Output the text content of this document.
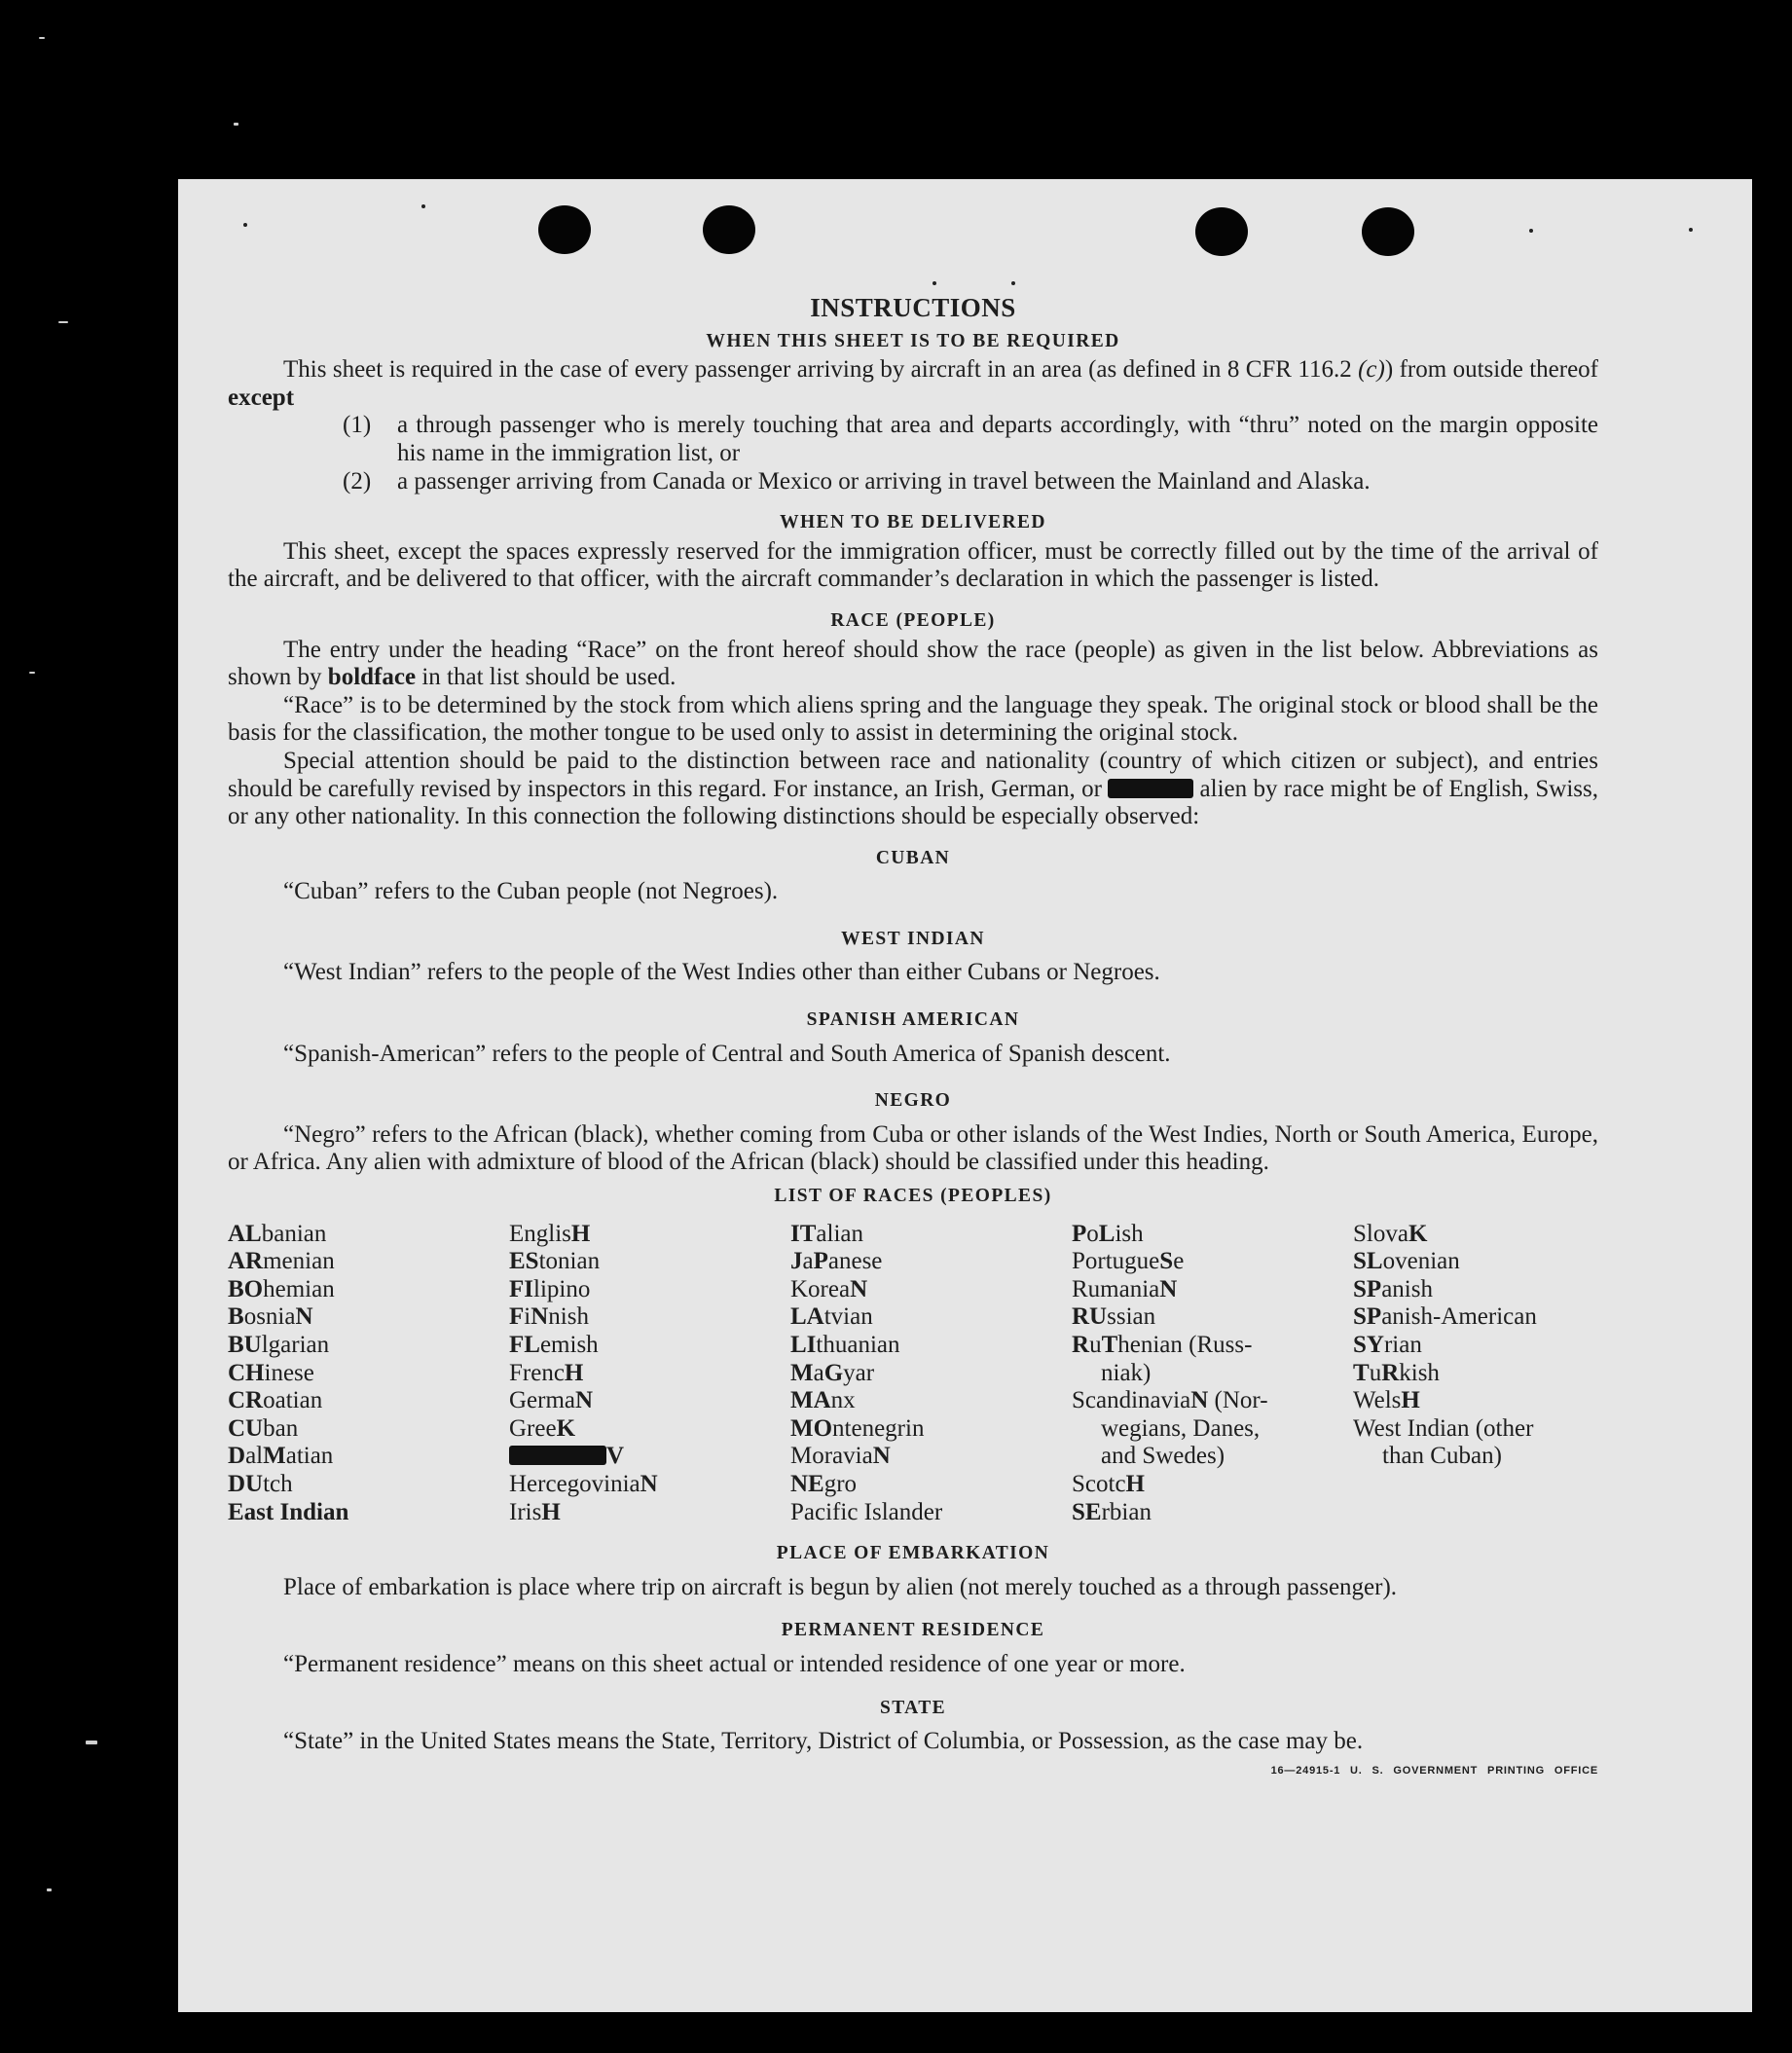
INSTRUCTIONS
WHEN THIS SHEET IS TO BE REQUIRED

This sheet is required in the case of every passenger arriving by aircraft in an area (as defined in 8 CFR 116.2 (c)) from outside thereof except

(1)	a through passenger who is merely touching that area and departs accordingly, with “thru” noted on the margin opposite his name in the immigration list, or
(2)	a passenger arriving from Canada or Mexico or arriving in travel between the Mainland and Alaska.
WHEN TO BE DELIVERED

This sheet, except the spaces expressly reserved for the immigration officer, must be correctly filled out by the time of the arrival of the aircraft, and be delivered to that officer, with the aircraft commander’s declaration in which the passenger is listed.

RACE (PEOPLE)

The entry under the heading “Race” on the front hereof should show the race (people) as given in the list below. Abbreviations as shown by boldface in that list should be used.

“Race” is to be determined by the stock from which aliens spring and the language they speak. The original stock or blood shall be the basis for the classification, the mother tongue to be used only to assist in determining the original stock.

Special attention should be paid to the distinction between race and nationality (country of which citizen or subject), and entries should be carefully revised by inspectors in this regard. For instance, an Irish, German, or	alien by race might be of English, Swiss, or any other nationality. In this connection the following distinctions should be especially observed:

CUBAN

“Cuban” refers to the Cuban people (not Negroes).

WEST INDIAN

“West Indian” refers to the people of the West Indies other than either Cubans or Negroes.

SPANISH AMERICAN

“Spanish-American” refers to the people of Central and South America of Spanish descent.

NEGRO

“Negro” refers to the African (black), whether coming from Cuba or other islands of the West Indies, North or South America, Europe, or Africa. Any alien with admixture of blood of the African (black) should be classified under this heading.

LIST OF RACES (PEOPLES)
ALbanian
ARmenian
BOhemian
BosniaN
BUlgarian
CHinese
CRoatian
CUban
DalMatian
DUtch
East Indian
EnglisH
EStonian
FIlipino
FiNnish
FLemish
FrencH
GermaN
GreeK
V
HercegoviniaN
IrisH
ITalian
JaPanese
KoreaN
LAtvian
LIthuanian
MaGyar
MAnx
MOntenegrin
MoraviaN
NEgro
Pacific Islander
PoLish
PortugueSe
RumaniaN
RUssian
RuThenian (Russ-
niak)
ScandinaviaN (Nor-
wegians, Danes,
and Swedes)
ScotcH
SErbian
SlovaK
SLovenian
SPanish
SPanish-American
SYrian
TuRkish
WelsH
West Indian (other
than Cuban)
PLACE OF EMBARKATION

Place of embarkation is place where trip on aircraft is begun by alien (not merely touched as a through passenger).

PERMANENT RESIDENCE

“Permanent residence” means on this sheet actual or intended residence of one year or more.

STATE

“State” in the United States means the State, Territory, District of Columbia, or Possession, as the case may be.

16—24915-1 U. S. GOVERNMENT PRINTING OFFICE
